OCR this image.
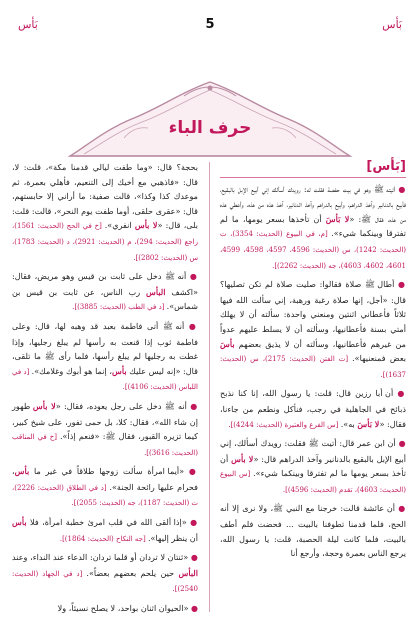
بَأس	5	بَأس
حرف الباء
[بَأس]
● أتيته ﷺ وهو في بيت حفصة فقلت له: رويدك أسألك إني أبيع الإبل بالبقيع، فأبيع بالدنانير وآخذ الدراهم، وأبيع بالدراهم وآخذ الدنانير، آخذ هذه من هذه، وأعطي هذه من هذه، فقال ﷺ: «لا بَأسَ أن تأخذها بسعر يومها، ما لم تفترقا وبينكما شيء». [م، في البيوع (الحديث: 3354)، ت (الحديث: 1242)، س (الحديث: 4596، 4597، 4598، 4599، 4601، 4602، 4603)، جه (الحديث: 2262)].
● أطال ﷺ صلاة فقالوا: صليت صلاة لم تكن تصليها؟ قال: «أجل، إنها صلاة رغبة ورهبة، إني سألت الله فيها ثلاثاً فأعطاني اثنتين ومنعني واحدة: سألته أن لا يهلك أمتي بسنة فأعطانيها، وسألته أن لا يسلط عليهم عدواً من غيرهم فأعطانيها، وسألته أن لا يذيق بعضهم بأسَ بعض فمنعنيها». [ت الفتن (الحديث: 2175)، س (الحديث: 1637)].
● أن أبا رزين قال: قلت: يا رسول الله، إنا كنا نذبح ذبائح في الجاهلية في رجب، فنأكل ونطعم من جاءنا، فقال: «لا بَأسَ به». [س الفرع والعتيرة (الحديث: 4244)].
● أن ابن عمر قال: أتيت ﷺ فقلت: رويدك أسألك، إني أبيع الإبل بالبقيع بالدنانير وآخذ الدراهم قال: «لا بأس أن تأخذ بسعر يومها ما لم تفترقا وبينكما شيء». [س البيوع (الحديث: 4603)، تقدم (الحديث: 4596)].
● أن عائشة قالت: خرجنا مع النبي ﷺ، ولا نرى إلا أنه الحج، فلما قدمنا تطوفنا بالبيت ... فحضت فلم أطف بالبيت، فلما كانت ليلة الحصبة، قلت: يا رسول الله، يرجع الناس بعمرة وحجة، وأرجع أنا
بحجة؟ قال: «وما طفت ليالي قدمنا مكة»، قلت: لا، قال: «فاذهبي مع أخيك إلى التنعيم، فأهلي بعمرة، ثم موعدك كذا وكذا»، قالت صفية: ما أراني إلا حابستهم، قال: «عقرى حلقى، أوما طفت يوم النحر»، قالت: قلت: بلى، قال: «لا بأس انفري». [خ في الحج (الحديث: 1561)، راجع (الحديث: 294)، م (الحديث: 2921)، د (الحديث: 1783)، س (الحديث: 2802)].
● أنه ﷺ دخل على ثابت بن قيس وهو مريض، فقال: «اكشف البأس رب الناس، عن ثابت بن قيس بن شماس». [د في الطب (الحديث: 3885)].
● أنه ﷺ أتى فاطمة بعبد قد وهبه لها، قال: وعلى فاطمة ثوب إذا قنعت به رأسها لم يبلغ رجليها، وإذا غطت به رجليها لم يبلغ رأسها، فلما رأى ﷺ ما تلقى، قال: «إنه ليس عليك بأس، إنما هو أبوك وغلامك». [د في اللباس (الحديث: 4106)].
● أنه ﷺ دخل على رجل يعوده، فقال: «لا بأس طهور إن شاء الله»، فقال: كلا، بل حمى تفور، على شيخ كبير، كيما تزيره القبور، فقال ﷺ: «فنعم إذاً». [خ في المناقب (الحديث: 3616)].
● «أيما امرأة سألت زوجها طلاقاً في غير ما بأس، فحرام عليها رائحة الجنة». [د في الطلاق (الحديث: 2226)، ت (الحديث: 1187)، جه (الحديث: 2055)].
● «إذا ألقى الله في قلب امرئ خطبة امرأة، فلا بأس أن ينظر إليها». [جه النكاح (الحديث: 1864)].
● «ثنتان لا تردان أو قلما تردان: الدعاء عند النداء، وعند البأس حين يلحم بعضهم بعضاً». [د في الجهاد (الحديث: 2540)].
● «الحيوان اثنان بواحد، لا يصلح نسيئاً، ولا
